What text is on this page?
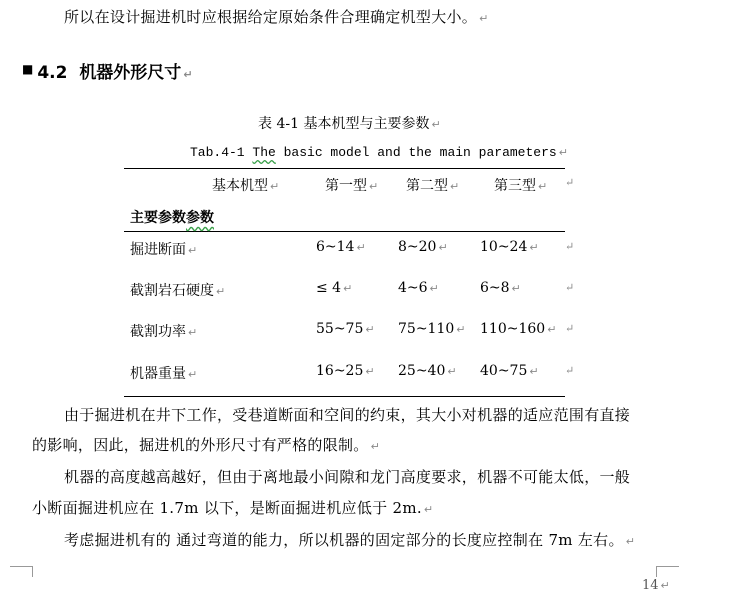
所以在设计掘进机时应根据给定原始条件合理确定机型大小。 ↵
■ 4.2 机器外形尺寸 ↵
表 4-1 基本机型与主要参数 ↵
Tab.4-1 The basic model and the main parameters ↵
基本机型 ↵	第一型 ↵ 第二型 ↵ 第三型 ↵ ↵
主要参数参数
掘进断面 ↵	6~14 ↵ 8~20 ↵ 10~24 ↵ ↵
截割岩石硬度 ↵	≤ 4 ↵	4~6 ↵	6~8 ↵	↵
截割功率 ↵	55~75 ↵ 75~110 ↵ 110~160 ↵ ↵
机器重量 ↵	16~25 ↵ 25~40 ↵ 40~75 ↵ ↵
由于掘进机在井下工作，受巷道断面和空间的约束，其大小对机器的适应范围有直接
的影响，因此，掘进机的外形尺寸有严格的限制。 ↵
机器的高度越高越好，但由于离地最小间隙和龙门高度要求，机器不可能太低，一般
小断面掘进机应在 1.7m 以下，是断面掘进机应低于 2m. ↵
考虑掘进机有的 通过弯道的能力，所以机器的固定部分的长度应控制在 7m 左右。 ↵
14 ↵
